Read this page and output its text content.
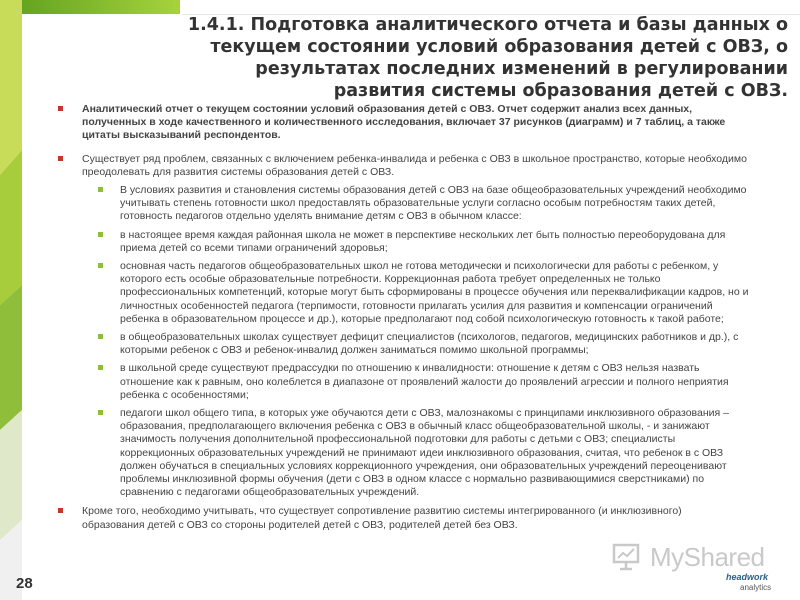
1.4.1. Подготовка аналитического отчета и базы данных о
текущем состоянии условий образования детей с ОВЗ, о
результатах последних изменений в регулировании
развития системы образования детей с ОВЗ.
Аналитический отчет о текущем состоянии условий образования детей с ОВЗ. Отчет содержит анализ всех данных,
полученных в ходе качественного и количественного исследования, включает 37 рисунков (диаграмм) и 7 таблиц, а также
цитаты высказываний респондентов.
Существует ряд проблем, связанных с включением ребенка-инвалида и ребенка с ОВЗ в школьное пространство, которые необходимо
преодолевать для развития системы образования детей с ОВЗ.
В условиях развития и становления системы образования детей с ОВЗ на базе общеобразовательных учреждений необходимо
учитывать степень готовности школ предоставлять образовательные услуги согласно особым потребностям таких детей,
готовность педагогов отдельно уделять внимание детям с ОВЗ в обычном классе:
в настоящее время каждая районная школа не может в перспективе нескольких лет быть полностью переоборудована для
приема детей со всеми типами ограничений здоровья;
основная часть педагогов общеобразовательных школ не готова методически и психологически для работы с ребенком, у
которого есть особые образовательные потребности. Коррекционная работа требует определенных не только
профессиональных компетенций, которые могут быть сформированы в процессе обучения или переквалификации кадров, но и
личностных особенностей педагога (терпимости, готовности прилагать усилия для развития и компенсации ограничений
ребенка в образовательном процессе и др.), которые предполагают под собой психологическую готовность к такой работе;
в общеобразовательных школах существует дефицит специалистов (психологов, педагогов, медицинских работников и др.), с
которыми ребенок с ОВЗ и ребенок-инвалид должен заниматься помимо школьной программы;
в школьной среде существуют предрассудки по отношению к инвалидности: отношение к детям с ОВЗ нельзя назвать
отношение как к равным, оно колеблется в диапазоне от проявлений жалости до проявлений агрессии и полного неприятия
ребенка с особенностями;
педагоги школ общего типа, в которых уже обучаются дети с ОВЗ, малознакомы с принципами инклюзивного образования –
образования, предполагающего включения ребенка с ОВЗ в обычный класс общеобразовательной школы, - и занижают
значимость получения дополнительной профессиональной подготовки для работы с детьми с ОВЗ; специалисты
коррекционных образовательных учреждений не принимают идеи инклюзивного образования, считая, что ребенок в с ОВЗ
должен обучаться в специальных условиях коррекционного учреждения, они образовательных учреждений переоценивают
проблемы инклюзивной формы обучения (дети с ОВЗ в одном классе с нормально развивающимися сверстниками) по
сравнению с педагогами общеобразовательных учреждений.
Кроме того, необходимо учитывать, что существует сопротивление развитию системы интегрированного (и инклюзивного)
образования детей с ОВЗ со стороны родителей детей с ОВЗ, родителей детей без ОВЗ.
28
MyShared
headwork
analytics
